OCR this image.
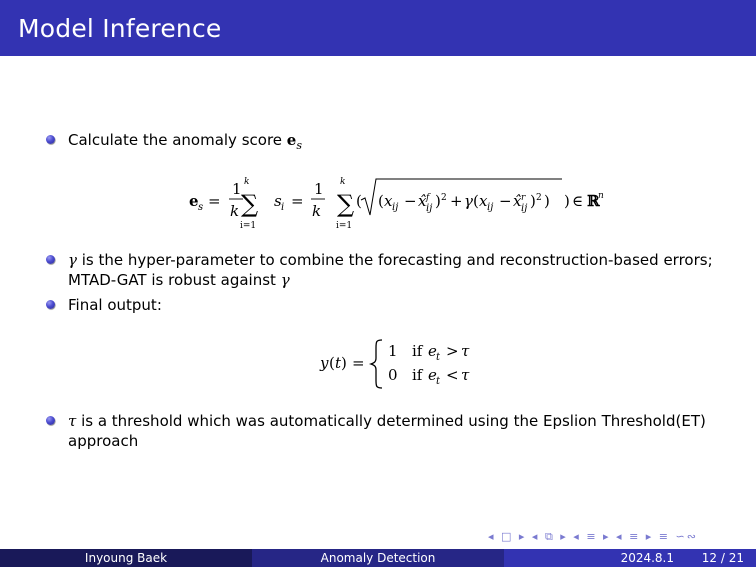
Model Inference
Calculate the anomaly score $e_s$
e s =
1
k
k
∑
i=1
s i =
1
k
k
∑
i=1
( ( x ij − x̂ f
ij ) 2 + γ ( x ij − x̂ r
ij ) 2 ) ) ∈ ℝ
n
γ is the hyper-parameter to combine the forecasting and reconstruction-based errors;
MTAD-GAT is robust against γ
Final output:
y ( t ) =
1 if e t > τ
0 if e t < τ
τ is a threshold which was automatically determined using the Epslion Threshold(ET)
approach
◂ □ ▸ ◂ ⧉ ▸ ◂ ≡ ▸ ◂ ≡ ▸ ≡ ∽∾
Inyoung Baek	Anomaly Detection	2024.8.1	12 / 21
